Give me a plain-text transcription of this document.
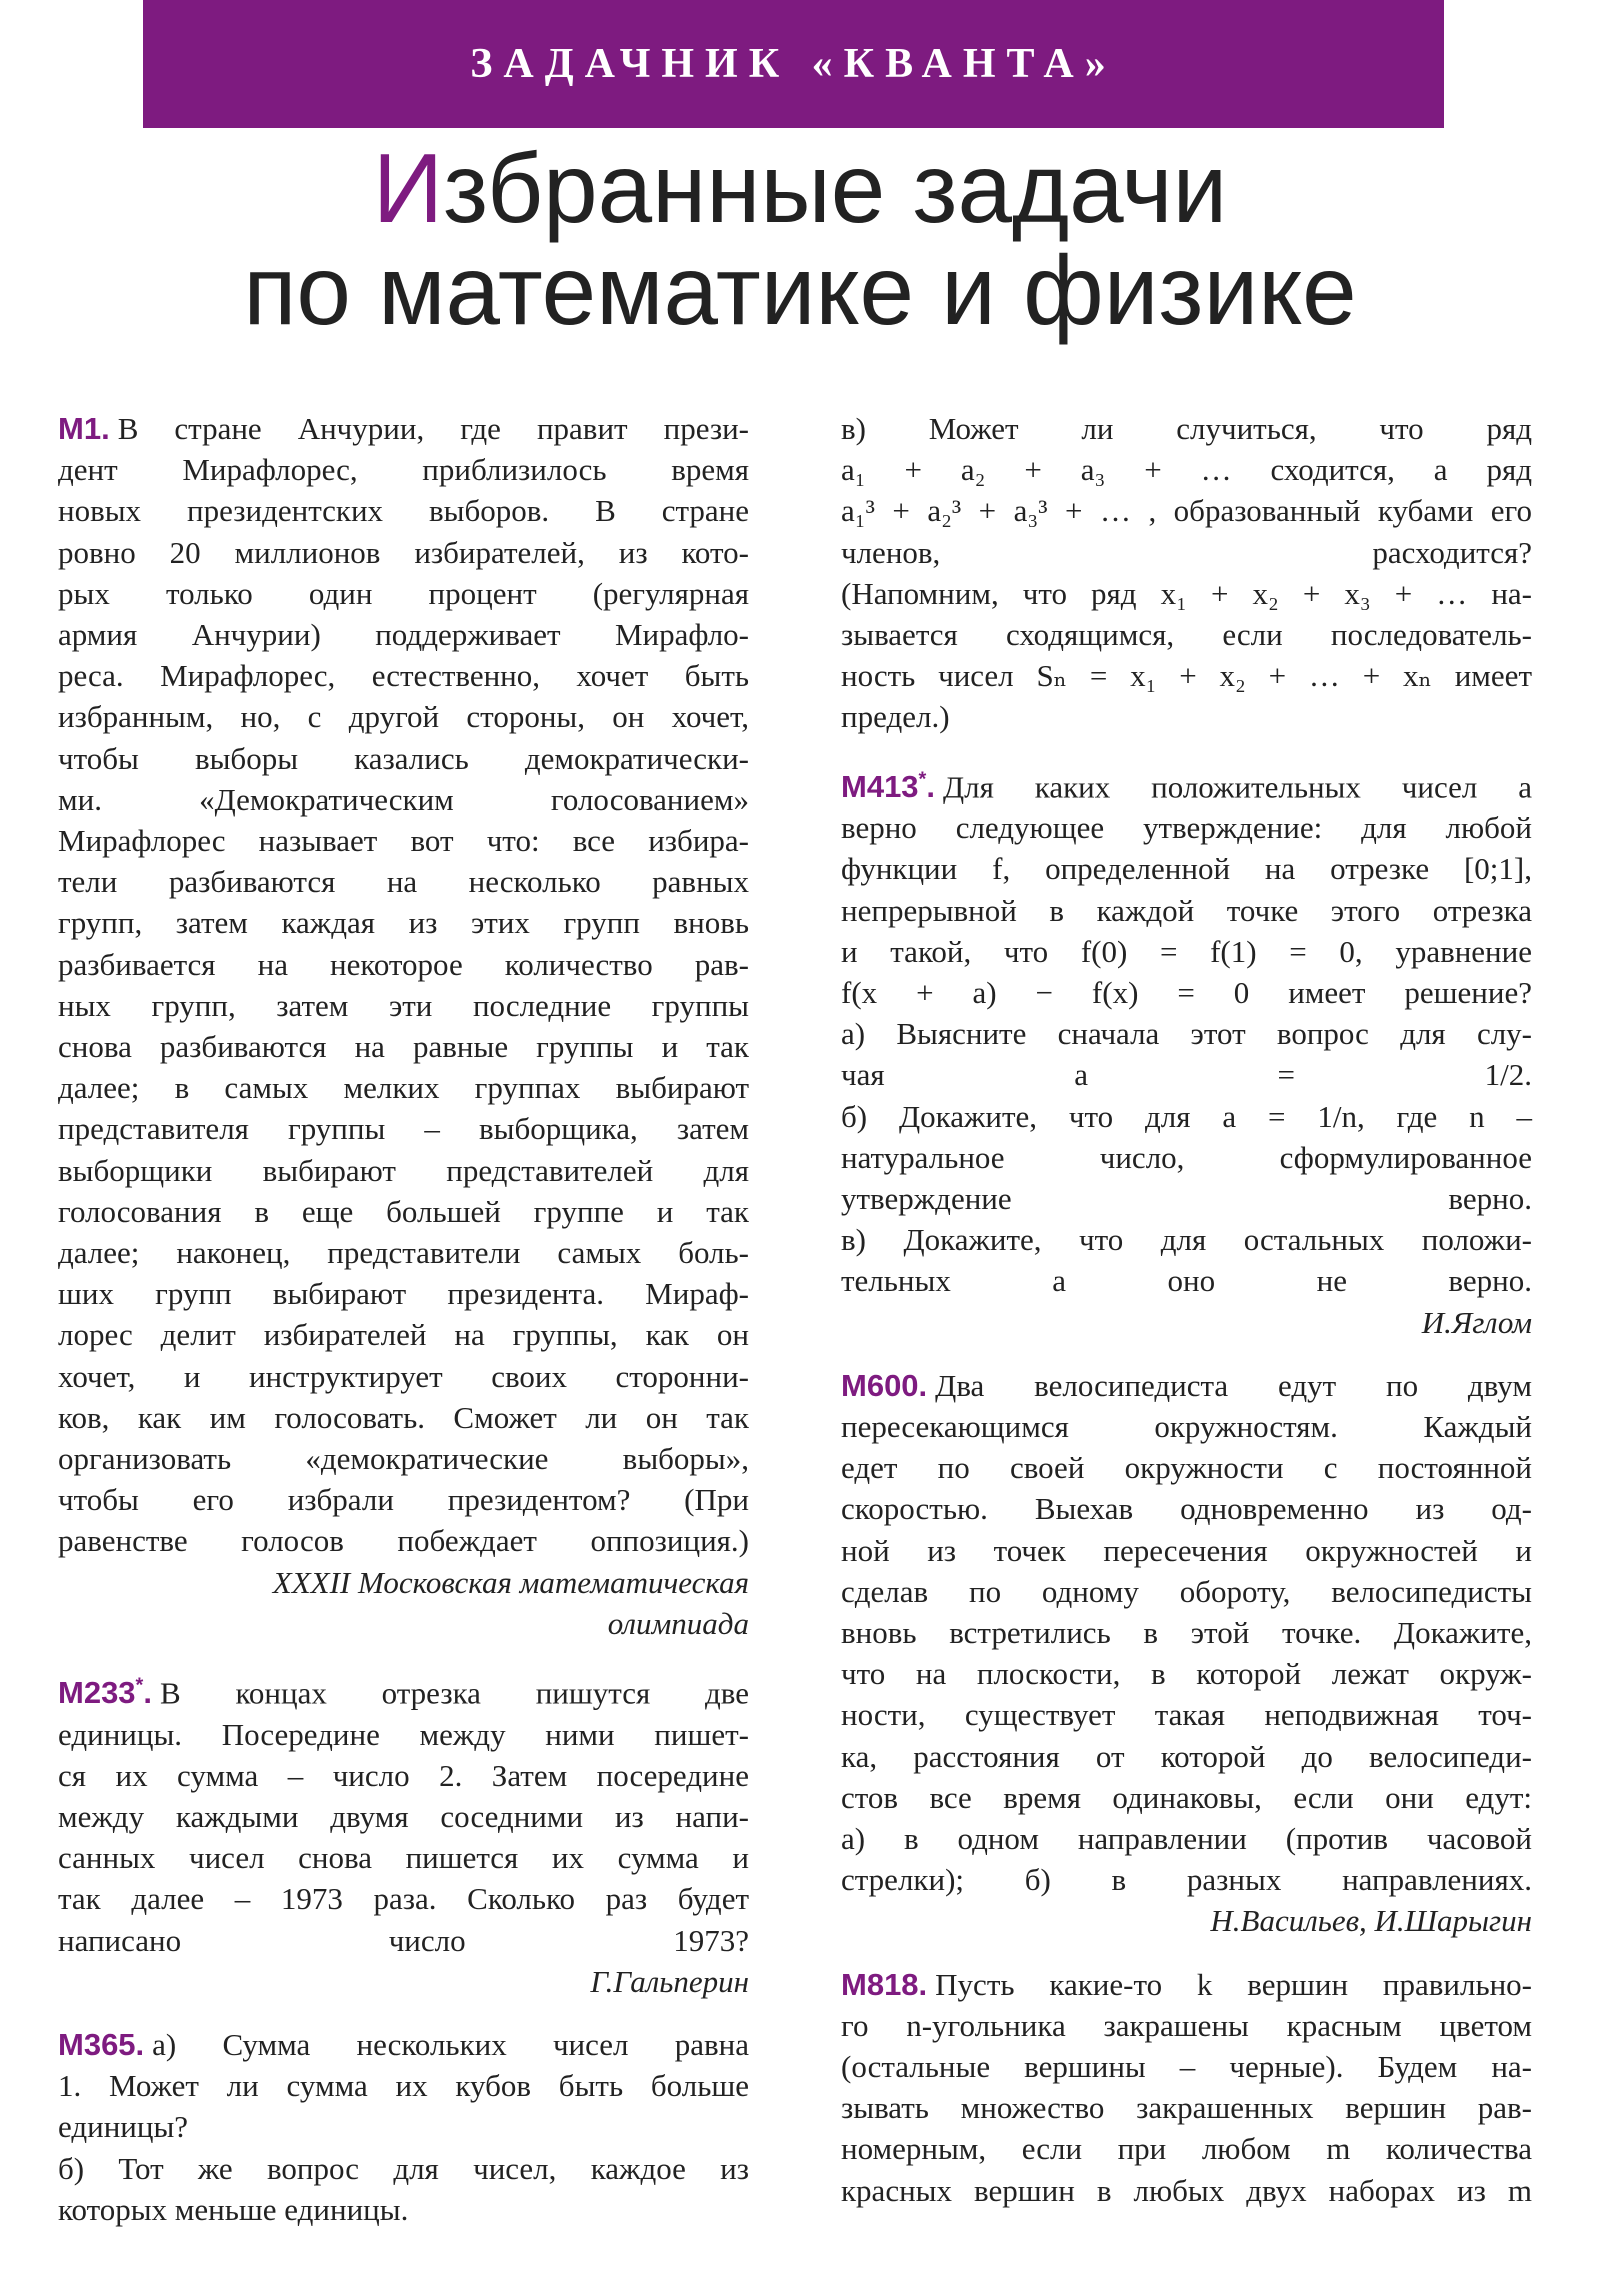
ЗАДАЧНИК «КВАНТА»
Избранные задачи
по математике и физике
M1. В стране Анчурии, где правит прези-
дент Мирафлорес, приблизилось время
новых президентских выборов. В стране
ровно 20 миллионов избирателей, из кото-
рых только один процент (регулярная
армия Анчурии) поддерживает Мирафло-
реса. Мирафлорес, естественно, хочет быть
избранным, но, с другой стороны, он хочет,
чтобы выборы казались демократически-
ми. «Демократическим голосованием»
Мирафлорес называет вот что: все избира-
тели разбиваются на несколько равных
групп, затем каждая из этих групп вновь
разбивается на некоторое количество рав-
ных групп, затем эти последние группы
снова разбиваются на равные группы и так
далее; в самых мелких группах выбирают
представителя группы – выборщика, затем
выборщики выбирают представителей для
голосования в еще большей группе и так
далее; наконец, представители самых боль-
ших групп выбирают президента. Мираф-
лорес делит избирателей на группы, как он
хочет, и инструктирует своих сторонни-
ков, как им голосовать. Сможет ли он так
организовать «демократические выборы»,
чтобы его избрали президентом? (При
равенстве голосов побеждает оппозиция.)
XXXII Московская математическая
олимпиада
M233*. В концах отрезка пишутся две
единицы. Посередине между ними пишет-
ся их сумма – число 2. Затем посередине
между каждыми двумя соседними из напи-
санных чисел снова пишется их сумма и
так далее – 1973 раза. Сколько раз будет
написано число 1973?
Г.Гальперин
M365. а) Сумма нескольких чисел равна
1. Может ли сумма их кубов быть больше
единицы?
б) Тот же вопрос для чисел, каждое из
которых меньше единицы.
в) Может ли случиться, что ряд
a₁ + a₂ + a₃ + … сходится, а ряд
a₁³ + a₂³ + a₃³ + … , образованный кубами его
членов, расходится?
(Напомним, что ряд x₁ + x₂ + x₃ + … на-
зывается сходящимся, если последователь-
ность чисел Sₙ = x₁ + x₂ + … + xₙ имеет
предел.)
M413*. Для каких положительных чисел a
верно следующее утверждение: для любой
функции f, определенной на отрезке [0;1],
непрерывной в каждой точке этого отрезка
и такой, что f(0) = f(1) = 0, уравнение
f(x + a) − f(x) = 0 имеет решение?
а) Выясните сначала этот вопрос для слу-
чая a = 1/2.
б) Докажите, что для a = 1/n, где n –
натуральное число, сформулированное
утверждение верно.
в) Докажите, что для остальных положи-
тельных a оно не верно.
И.Яглом
M600. Два велосипедиста едут по двум
пересекающимся окружностям. Каждый
едет по своей окружности с постоянной
скоростью. Выехав одновременно из од-
ной из точек пересечения окружностей и
сделав по одному обороту, велосипедисты
вновь встретились в этой точке. Докажите,
что на плоскости, в которой лежат окруж-
ности, существует такая неподвижная точ-
ка, расстояния от которой до велосипеди-
стов все время одинаковы, если они едут:
а) в одном направлении (против часовой
стрелки); б) в разных направлениях.
Н.Васильев, И.Шарыгин
M818. Пусть какие-то k вершин правильно-
го n-угольника закрашены красным цветом
(остальные вершины – черные). Будем на-
зывать множество закрашенных вершин рав-
номерным, если при любом m количества
красных вершин в любых двух наборах из m
